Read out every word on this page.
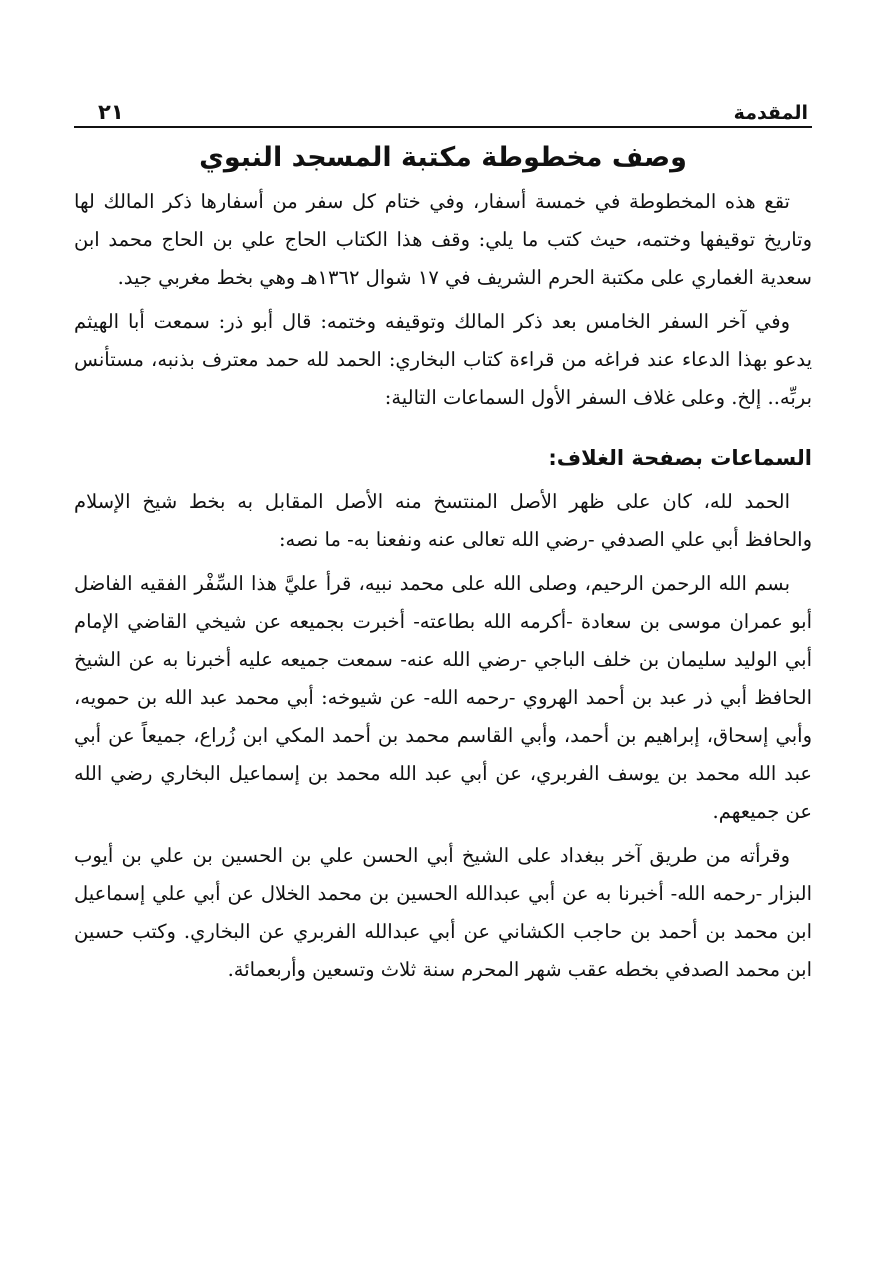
المقدمة
٢١
وصف مخطوطة مكتبة المسجد النبوي

تقع هذه المخطوطة في خمسة أسفار، وفي ختام كل سفر من أسفارها ذكر المالك لها وتاريخ توقيفها وختمه، حيث كتب ما يلي: وقف هذا الكتاب الحاج علي بن الحاج محمد ابن سعدية الغماري على مكتبة الحرم الشريف في ١٧ شوال ١٣٦٢هـ وهي بخط مغربي جيد.

وفي آخر السفر الخامس بعد ذكر المالك وتوقيفه وختمه: قال أبو ذر: سمعت أبا الهيثم يدعو بهذا الدعاء عند فراغه من قراءة كتاب البخاري: الحمد لله حمد معترف بذنبه، مستأنس بربِّه.. إلخ. وعلى غلاف السفر الأول السماعات التالية:

السماعات بصفحة الغلاف:

الحمد لله، كان على ظهر الأصل المنتسخ منه الأصل المقابل به بخط شيخ الإسلام والحافظ أبي علي الصدفي -رضي الله تعالى عنه ونفعنا به- ما نصه:

بسم الله الرحمن الرحيم، وصلى الله على محمد نبيه، قرأ عليَّ هذا السِّفْر الفقيه الفاضل أبو عمران موسى بن سعادة -أكرمه الله بطاعته- أخبرت بجميعه عن شيخي القاضي الإمام أبي الوليد سليمان بن خلف الباجي -رضي الله عنه- سمعت جميعه عليه أخبرنا به عن الشيخ الحافظ أبي ذر عبد بن أحمد الهروي -رحمه الله- عن شيوخه: أبي محمد عبد الله بن حمويه، وأبي إسحاق، إبراهيم بن أحمد، وأبي القاسم محمد بن أحمد المكي ابن زُراع، جميعاً عن أبي عبد الله محمد بن يوسف الفربري، عن أبي عبد الله محمد بن إسماعيل البخاري رضي الله عن جميعهم.

وقرأته من طريق آخر ببغداد على الشيخ أبي الحسن علي بن الحسين بن علي بن أيوب البزار -رحمه الله- أخبرنا به عن أبي عبدالله الحسين بن محمد الخلال عن أبي علي إسماعيل ابن محمد بن أحمد بن حاجب الكشاني عن أبي عبدالله الفربري عن البخاري. وكتب حسين ابن محمد الصدفي بخطه عقب شهر المحرم سنة ثلاث وتسعين وأربعمائة.
